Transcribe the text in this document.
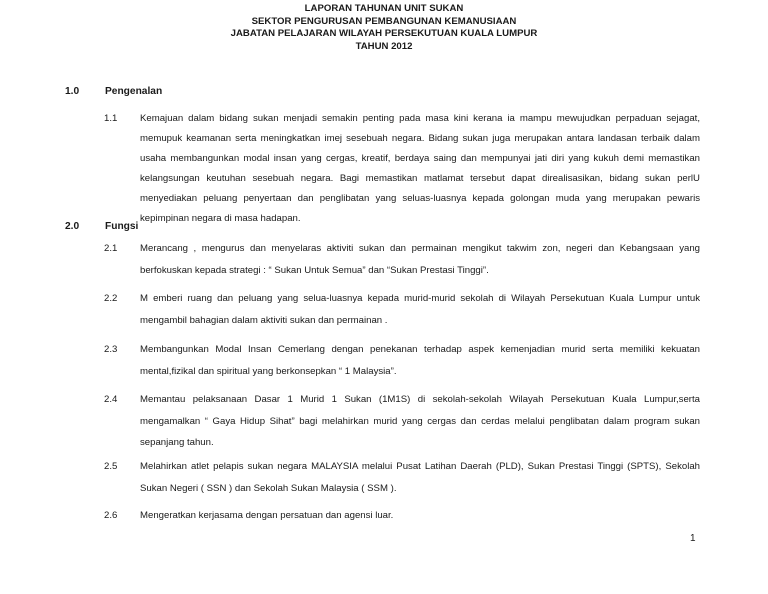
LAPORAN TAHUNAN UNIT SUKAN
SEKTOR PENGURUSAN PEMBANGUNAN KEMANUSIAAN
JABATAN PELAJARAN WILAYAH PERSEKUTUAN KUALA LUMPUR
TAHUN 2012
1.0	Pengenalan
1.1 Kemajuan dalam bidang sukan menjadi semakin penting pada masa kini kerana ia mampu mewujudkan perpaduan sejagat, memupuk keamanan serta meningkatkan imej sesebuah negara. Bidang sukan juga merupakan antara landasan terbaik dalam usaha membangunkan modal insan yang cergas, kreatif, berdaya saing dan mempunyai jati diri yang kukuh demi memastikan kelangsungan keutuhan sesebuah negara. Bagi memastikan matlamat tersebut dapat direalisasikan, bidang sukan perlU menyediakan peluang penyertaan dan penglibatan yang seluas-luasnya kepada golongan muda yang merupakan pewaris kepimpinan negara di masa hadapan.
2.0	Fungsi
2.1 Merancang , mengurus dan menyelaras aktiviti sukan dan permainan mengikut takwim zon, negeri dan Kebangsaan yang berfokuskan kepada strategi : “ Sukan Untuk Semua” dan “Sukan Prestasi Tinggi”.
2.2 M emberi ruang dan peluang yang selua-luasnya kepada murid-murid sekolah di Wilayah Persekutuan Kuala Lumpur untuk mengambil bahagian dalam aktiviti sukan dan permainan .
2.3 Membangunkan Modal Insan Cemerlang dengan penekanan terhadap aspek kemenjadian murid serta memiliki kekuatan mental,fizikal dan spiritual yang berkonsepkan “ 1 Malaysia”.
2.4 Memantau pelaksanaan Dasar 1 Murid 1 Sukan (1M1S) di sekolah-sekolah Wilayah Persekutuan Kuala Lumpur,serta mengamalkan “ Gaya Hidup Sihat” bagi melahirkan murid yang cergas dan cerdas melalui penglibatan dalam program sukan sepanjang tahun.
2.5 Melahirkan atlet pelapis sukan negara MALAYSIA melalui Pusat Latihan Daerah (PLD), Sukan Prestasi Tinggi (SPTS), Sekolah Sukan Negeri ( SSN ) dan Sekolah Sukan Malaysia ( SSM ).
2.6 Mengeratkan kerjasama dengan persatuan dan agensi luar.
1
